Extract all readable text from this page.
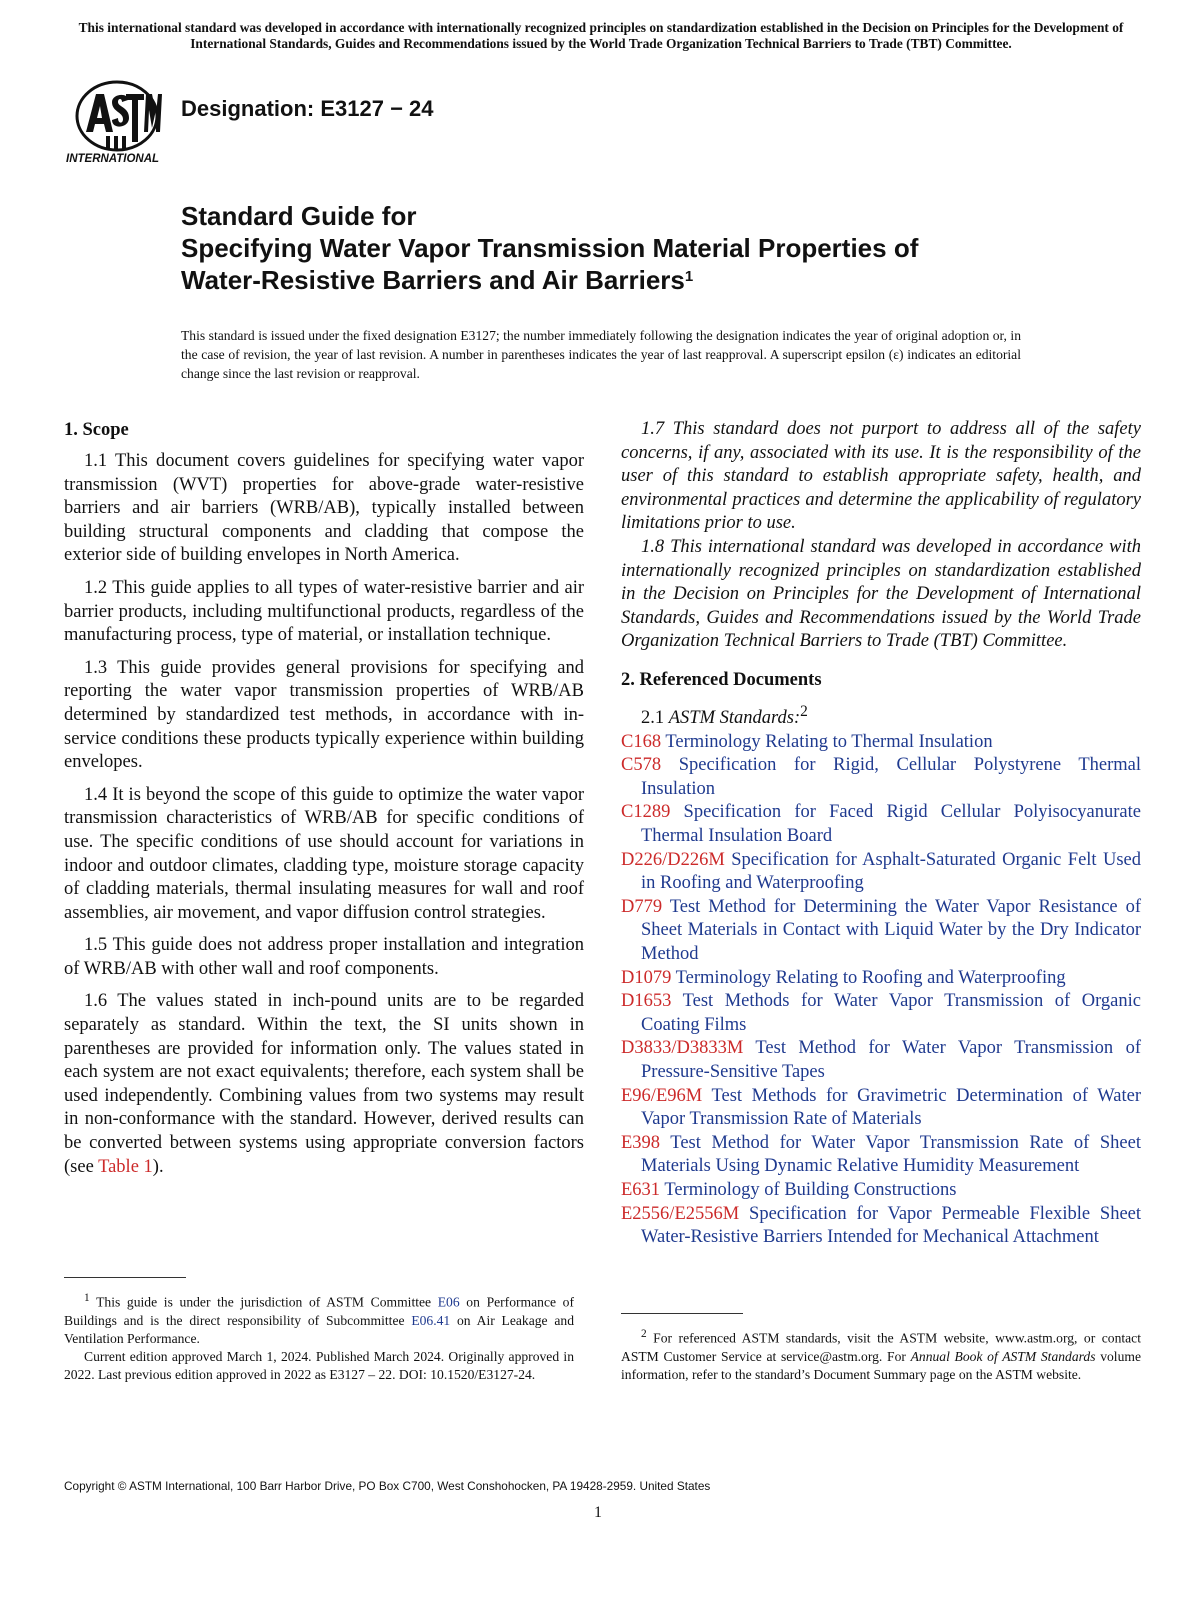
This international standard was developed in accordance with internationally recognized principles on standardization established in the Decision on Principles for the Development of International Standards, Guides and Recommendations issued by the World Trade Organization Technical Barriers to Trade (TBT) Committee.
INTERNATIONAL
Designation: E3127 − 24
Standard Guide for
Specifying Water Vapor Transmission Material Properties of
Water-Resistive Barriers and Air Barriers$^1$
This standard is issued under the fixed designation E3127; the number immediately following the designation indicates the year of original adoption or, in the case of revision, the year of last revision. A number in parentheses indicates the year of last reapproval. A superscript epsilon (ε) indicates an editorial change since the last revision or reapproval.
1. Scope

1.1 This document covers guidelines for specifying water vapor transmission (WVT) properties for above-grade water-resistive barriers and air barriers (WRB/AB), typically installed between building structural components and cladding that compose the exterior side of building envelopes in North America.

1.2 This guide applies to all types of water-resistive barrier and air barrier products, including multifunctional products, regardless of the manufacturing process, type of material, or installation technique.

1.3 This guide provides general provisions for specifying and reporting the water vapor transmission properties of WRB/AB determined by standardized test methods, in accordance with in-service conditions these products typically experience within building envelopes.

1.4 It is beyond the scope of this guide to optimize the water vapor transmission characteristics of WRB/AB for specific conditions of use. The specific conditions of use should account for variations in indoor and outdoor climates, cladding type, moisture storage capacity of cladding materials, thermal insulating measures for wall and roof assemblies, air movement, and vapor diffusion control strategies.

1.5 This guide does not address proper installation and integration of WRB/AB with other wall and roof components.

1.6 The values stated in inch-pound units are to be regarded separately as standard. Within the text, the SI units shown in parentheses are provided for information only. The values stated in each system are not exact equivalents; therefore, each system shall be used independently. Combining values from two systems may result in non-conformance with the standard. However, derived results can be converted between systems using appropriate conversion factors (see Table 1).

$^1$ This guide is under the jurisdiction of ASTM Committee E06 on Performance of Buildings and is the direct responsibility of Subcommittee E06.41 on Air Leakage and Ventilation Performance.

Current edition approved March 1, 2024. Published March 2024. Originally approved in 2022. Last previous edition approved in 2022 as E3127 – 22. DOI: 10.1520/E3127-24.

1.7 This standard does not purport to address all of the safety concerns, if any, associated with its use. It is the responsibility of the user of this standard to establish appropriate safety, health, and environmental practices and determine the applicability of regulatory limitations prior to use.

1.8 This international standard was developed in accordance with internationally recognized principles on standardization established in the Decision on Principles for the Development of International Standards, Guides and Recommendations issued by the World Trade Organization Technical Barriers to Trade (TBT) Committee.

2. Referenced Documents

2.1 ASTM Standards:$^2$

C168 Terminology Relating to Thermal Insulation
C578 Specification for Rigid, Cellular Polystyrene Thermal Insulation
C1289 Specification for Faced Rigid Cellular Polyisocyanurate Thermal Insulation Board
D226/D226M Specification for Asphalt-Saturated Organic Felt Used in Roofing and Waterproofing
D779 Test Method for Determining the Water Vapor Resistance of Sheet Materials in Contact with Liquid Water by the Dry Indicator Method
D1079 Terminology Relating to Roofing and Waterproofing
D1653 Test Methods for Water Vapor Transmission of Organic Coating Films
D3833/D3833M Test Method for Water Vapor Transmission of Pressure-Sensitive Tapes
E96/E96M Test Methods for Gravimetric Determination of Water Vapor Transmission Rate of Materials
E398 Test Method for Water Vapor Transmission Rate of Sheet Materials Using Dynamic Relative Humidity Measurement
E631 Terminology of Building Constructions
E2556/E2556M Specification for Vapor Permeable Flexible Sheet Water-Resistive Barriers Intended for Mechanical Attachment

$^2$ For referenced ASTM standards, visit the ASTM website, www.astm.org, or contact ASTM Customer Service at service@astm.org. For Annual Book of ASTM Standards volume information, refer to the standard’s Document Summary page on the ASTM website.

Copyright © ASTM International, 100 Barr Harbor Drive, PO Box C700, West Conshohocken, PA 19428-2959. United States
1
